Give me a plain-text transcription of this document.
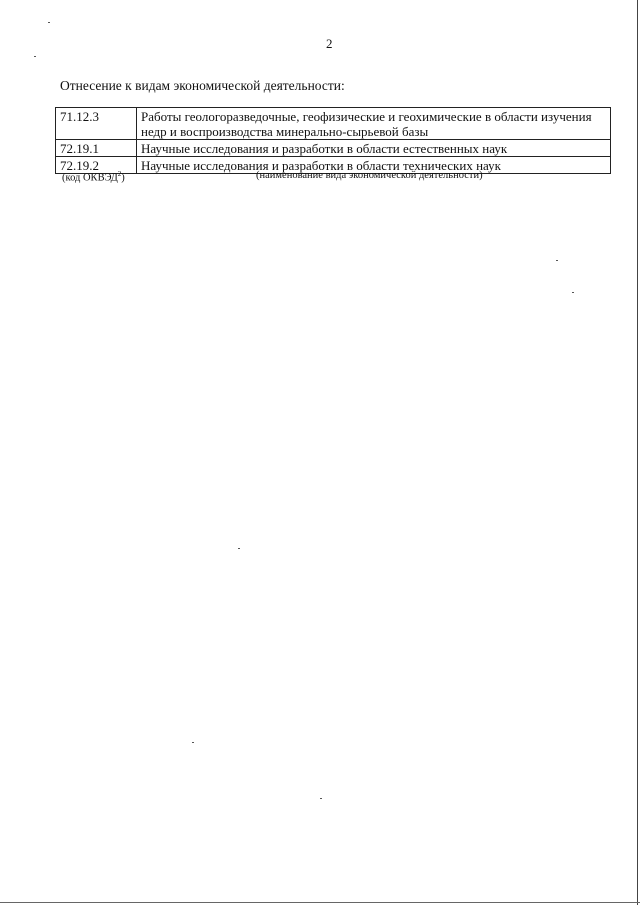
2
Отнесение к видам экономической деятельности:
71.12.3	Работы геологоразведочные, геофизические и геохимические в области изучения
недр и воспроизводства минерально-сырьевой базы

72.19.1	Научные исследования и разработки в области естественных наук
72.19.2	Научные исследования и разработки в области технических наук
(код ОКВЭД$^2$)	(наименование вида экономической деятельности)
